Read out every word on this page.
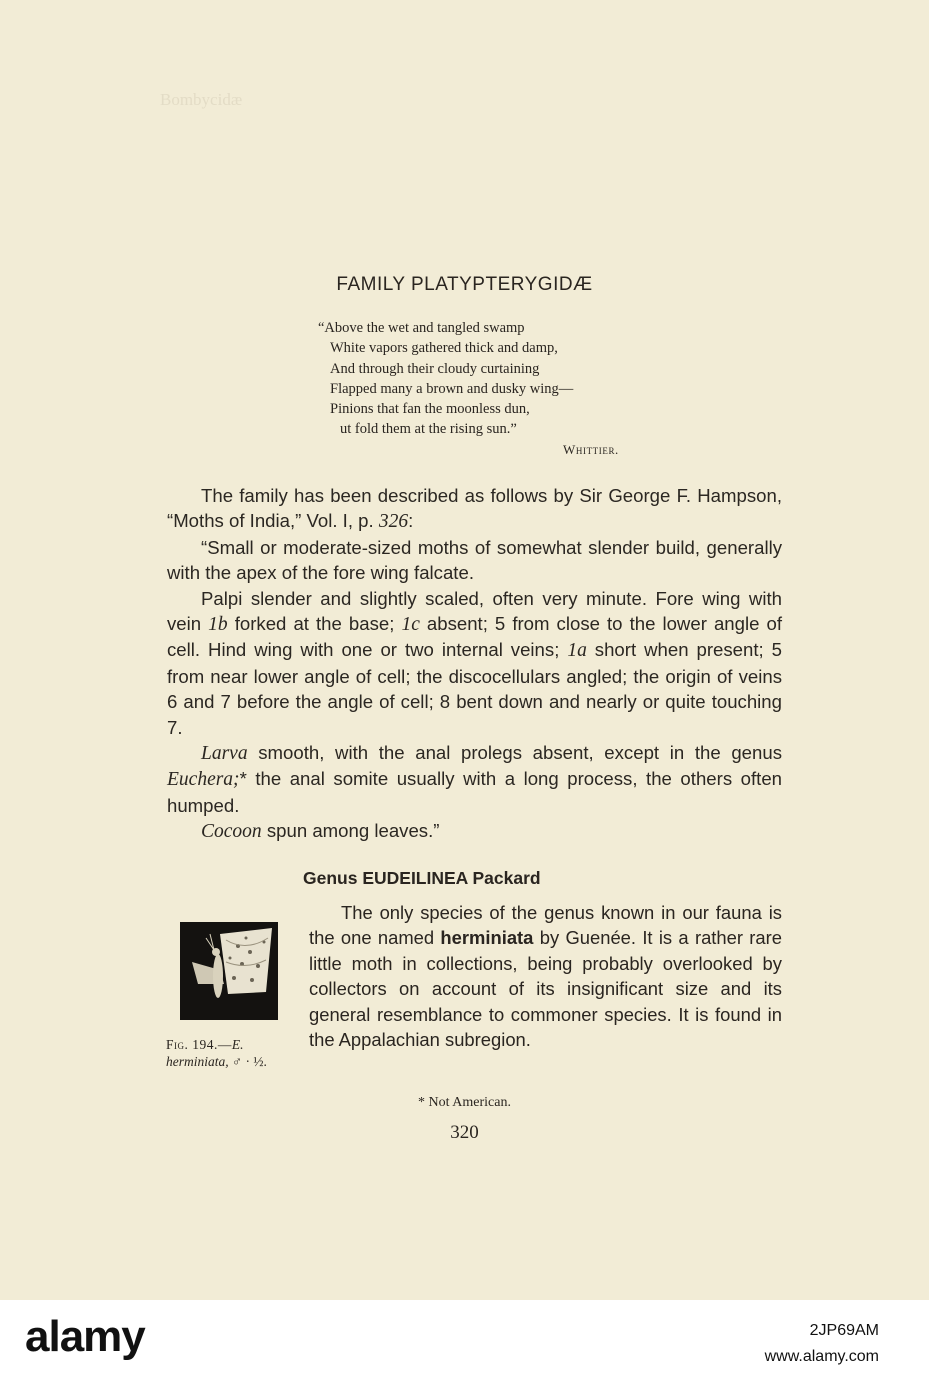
Bombycidæ
FAMILY PLATYPTERYGIDÆ
“Above the wet and tangled swamp
White vapors gathered thick and damp,
And through their cloudy curtaining
Flapped many a brown and dusky wing—
Pinions that fan the moonless dun,
ut fold them at the rising sun.”
Whittier.

The family has been described as follows by Sir George F. Hampson, “Moths of India,” Vol. I, p. 326:

“Small or moderate-sized moths of somewhat slender build, generally with the apex of the fore wing falcate.

Palpi slender and slightly scaled, often very minute. Fore wing with vein 1b forked at the base; 1c absent; 5 from close to the lower angle of cell. Hind wing with one or two internal veins; 1a short when present; 5 from near lower angle of cell; the discocellulars angled; the origin of veins 6 and 7 before the angle of cell; 8 bent down and nearly or quite touching 7.

Larva smooth, with the anal prolegs absent, except in the genus Euchera;* the anal somite usually with a long process, the others often humped.

Cocoon spun among leaves.”

Genus EUDEILINEA Packard
Fig. 194.—E.
herminiata, ♂ · ½.

The only species of the genus known in our fauna is the one named herminiata by Guenée. It is a rather rare little moth in collections, being probably overlooked by collectors on account of its insignificant size and its general resemblance to commoner species. It is found in the Appalachian subregion.

* Not American.
320
alamy	2JP69AM
www.alamy.com
